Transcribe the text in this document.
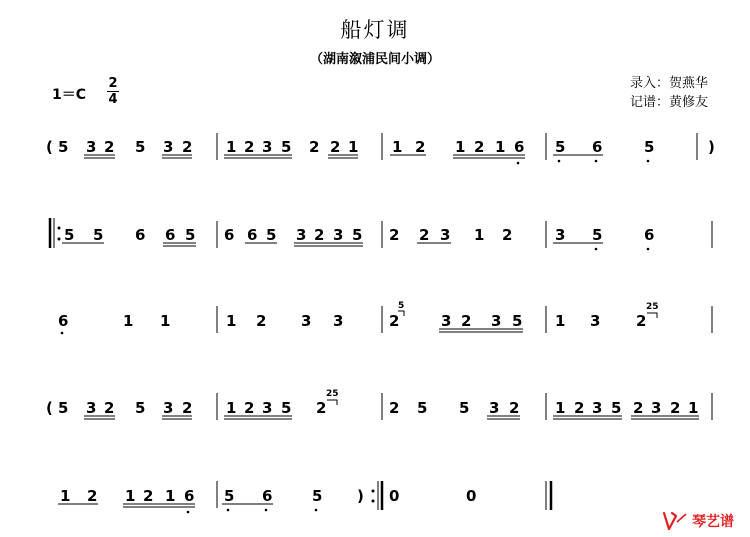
船灯调
（湖南溆浦民间小调）
1＝C
2
4
录入：贺燕华
记谱：黄修友
( 5 3 2 5 3 2 1 2 3 5 2 2 1 1 2 1 2 1 6 5 6	5	)
5 5 6 6 5 6 6 5 3 2 3 5 2 2 3 1 2	3 5	6
6	1 1	1 2 3 3	2
5
3 2 3 5 1 3 2
25
( 5 3 2 5 3 2 1 2 3 5 2
25
2 5 5 3 2 1 2 3 5 2 3 2 1
1 2 1 2 1 6 5 6	5 ) 0	0
琴艺谱
